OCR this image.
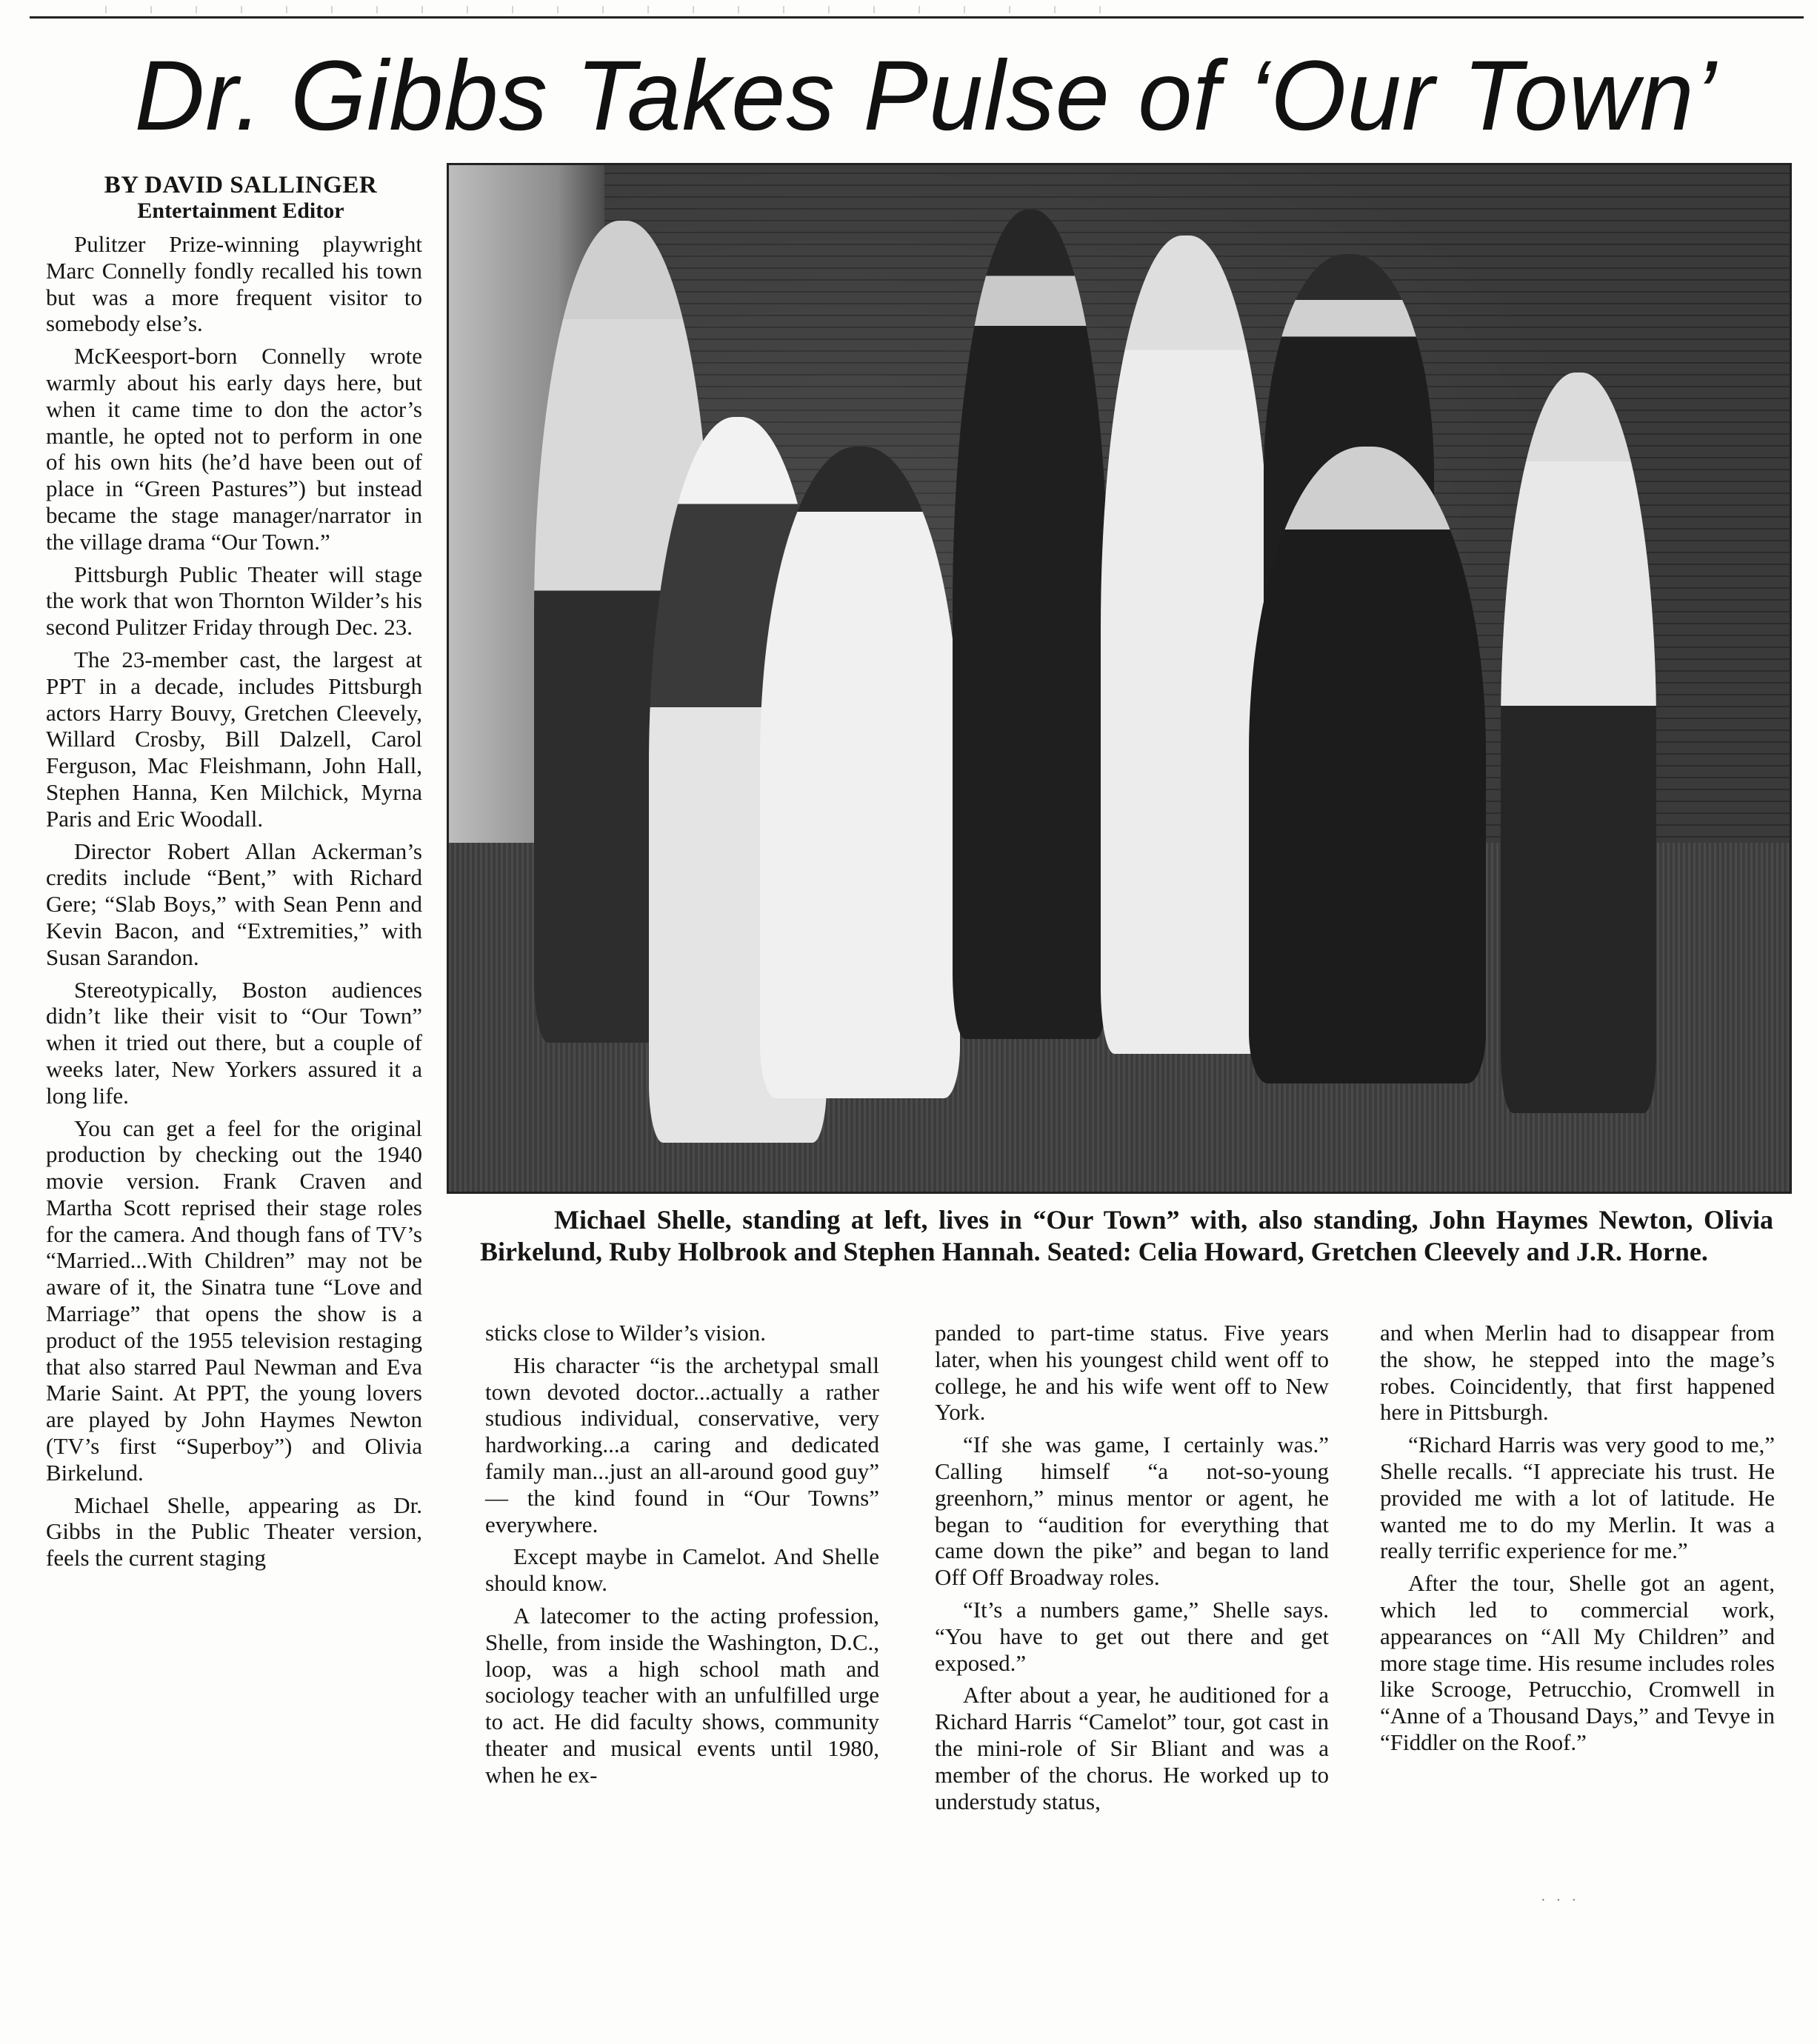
Dr. Gibbs Takes Pulse of ‘Our Town’
BY DAVID SALLINGER
Entertainment Editor

Pulitzer Prize-winning playwright Marc Connelly fondly recalled his town but was a more frequent visitor to somebody else’s.

McKeesport-born Connelly wrote warmly about his early days here, but when it came time to don the actor’s mantle, he opted not to perform in one of his own hits (he’d have been out of place in “Green Pastures”) but instead became the stage manager/narrator in the village drama “Our Town.”

Pittsburgh Public Theater will stage the work that won Thornton Wilder’s his second Pulitzer Friday through Dec. 23.

The 23-member cast, the largest at PPT in a decade, includes Pittsburgh actors Harry Bouvy, Gretchen Cleevely, Willard Crosby, Bill Dalzell, Carol Ferguson, Mac Fleishmann, John Hall, Stephen Hanna, Ken Milchick, Myrna Paris and Eric Woodall.

Director Robert Allan Ackerman’s credits include “Bent,” with Richard Gere; “Slab Boys,” with Sean Penn and Kevin Bacon, and “Extremities,” with Susan Sarandon.

Stereotypically, Boston audiences didn’t like their visit to “Our Town” when it tried out there, but a couple of weeks later, New Yorkers assured it a long life.

You can get a feel for the original production by checking out the 1940 movie version. Frank Craven and Martha Scott reprised their stage roles for the camera. And though fans of TV’s “Married...With Children” may not be aware of it, the Sinatra tune “Love and Marriage” that opens the show is a product of the 1955 television restaging that also starred Paul Newman and Eva Marie Saint. At PPT, the young lovers are played by John Haymes Newton (TV’s first “Superboy”) and Olivia Birkelund.

Michael Shelle, appearing as Dr. Gibbs in the Public Theater version, feels the current staging

Michael Shelle, standing at left, lives in “Our Town” with, also standing, John Haymes Newton, Olivia Birkelund, Ruby Holbrook and Stephen Hannah. Seated: Celia Howard, Gretchen Cleevely and J.R. Horne.

sticks close to Wilder’s vision.

His character “is the archetypal small town devoted doctor...actually a rather studious individual, conservative, very hardworking...a caring and dedicated family man...just an all-around good guy” — the kind found in “Our Towns” everywhere.

Except maybe in Camelot. And Shelle should know.

A latecomer to the acting profession, Shelle, from inside the Washington, D.C., loop, was a high school math and sociology teacher with an unfulfilled urge to act. He did faculty shows, community theater and musical events until 1980, when he ex-

panded to part-time status. Five years later, when his youngest child went off to college, he and his wife went off to New York.

“If she was game, I certainly was.” Calling himself “a not-so-young greenhorn,” minus mentor or agent, he began to “audition for everything that came down the pike” and began to land Off Off Broadway roles.

“It’s a numbers game,” Shelle says. “You have to get out there and get exposed.”

After about a year, he auditioned for a Richard Harris “Camelot” tour, got cast in the mini-role of Sir Bliant and was a member of the chorus. He worked up to understudy status,

and when Merlin had to disappear from the show, he stepped into the mage’s robes. Coincidently, that first happened here in Pittsburgh.

“Richard Harris was very good to me,” Shelle recalls. “I appreciate his trust. He provided me with a lot of latitude. He wanted me to do my Merlin. It was a really terrific experience for me.”

After the tour, Shelle got an agent, which led to commercial work, appearances on “All My Children” and more stage time. His resume includes roles like Scrooge, Petrucchio, Cromwell in “Anne of a Thousand Days,” and Tevye in “Fiddler on the Roof.”

·​·​·
